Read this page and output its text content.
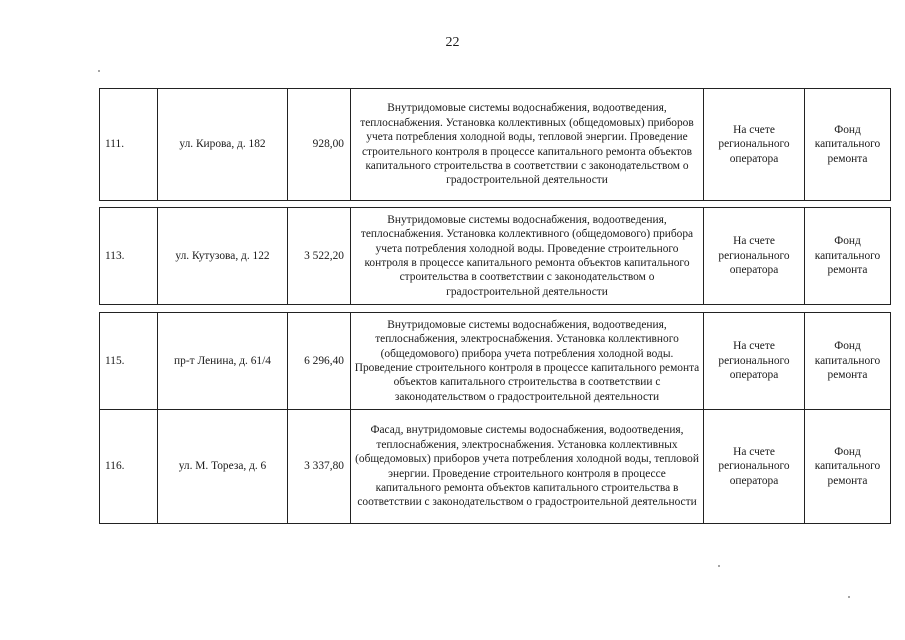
22
111.	ул. Кирова, д. 182	928,00	Внутридомовые системы водоснабжения, водоотведения, теплоснабжения. Установка коллективных (общедомовых) приборов учета потребления холодной воды, тепловой энергии. Проведение строительного контроля в процессе капитального ремонта объектов капитального строительства в соответствии с законодательством о градостроительной деятельности	На счете регионального оператора	Фонд капитального ремонта
113.	ул. Кутузова, д. 122	3 522,20	Внутридомовые системы водоснабжения, водоотведения, теплоснабжения. Установка коллективного (общедомового) прибора учета потребления холодной воды. Проведение строительного контроля в процессе капитального ремонта объектов капитального строительства в соответствии с законодательством о градостроительной деятельности	На счете регионального оператора	Фонд капитального ремонта
115.	пр-т Ленина, д. 61/4	6 296,40	Внутридомовые системы водоснабжения, водоотведения, теплоснабжения, электроснабжения. Установка коллективного (общедомового) прибора учета потребления холодной воды. Проведение строительного контроля в процессе капитального ремонта объектов капитального строительства в соответствии с законодательством о градостроительной деятельности	На счете регионального оператора	Фонд капитального ремонта
116.	ул. М. Тореза, д. 6	3 337,80	Фасад, внутридомовые системы водоснабжения, водоотведения, теплоснабжения, электроснабжения. Установка коллективных (общедомовых) приборов учета потребления холодной воды, тепловой энергии. Проведение строительного контроля в процессе капитального ремонта объектов капитального строительства в соответствии с законодательством о градостроительной деятельности	На счете регионального оператора	Фонд капитального ремонта
